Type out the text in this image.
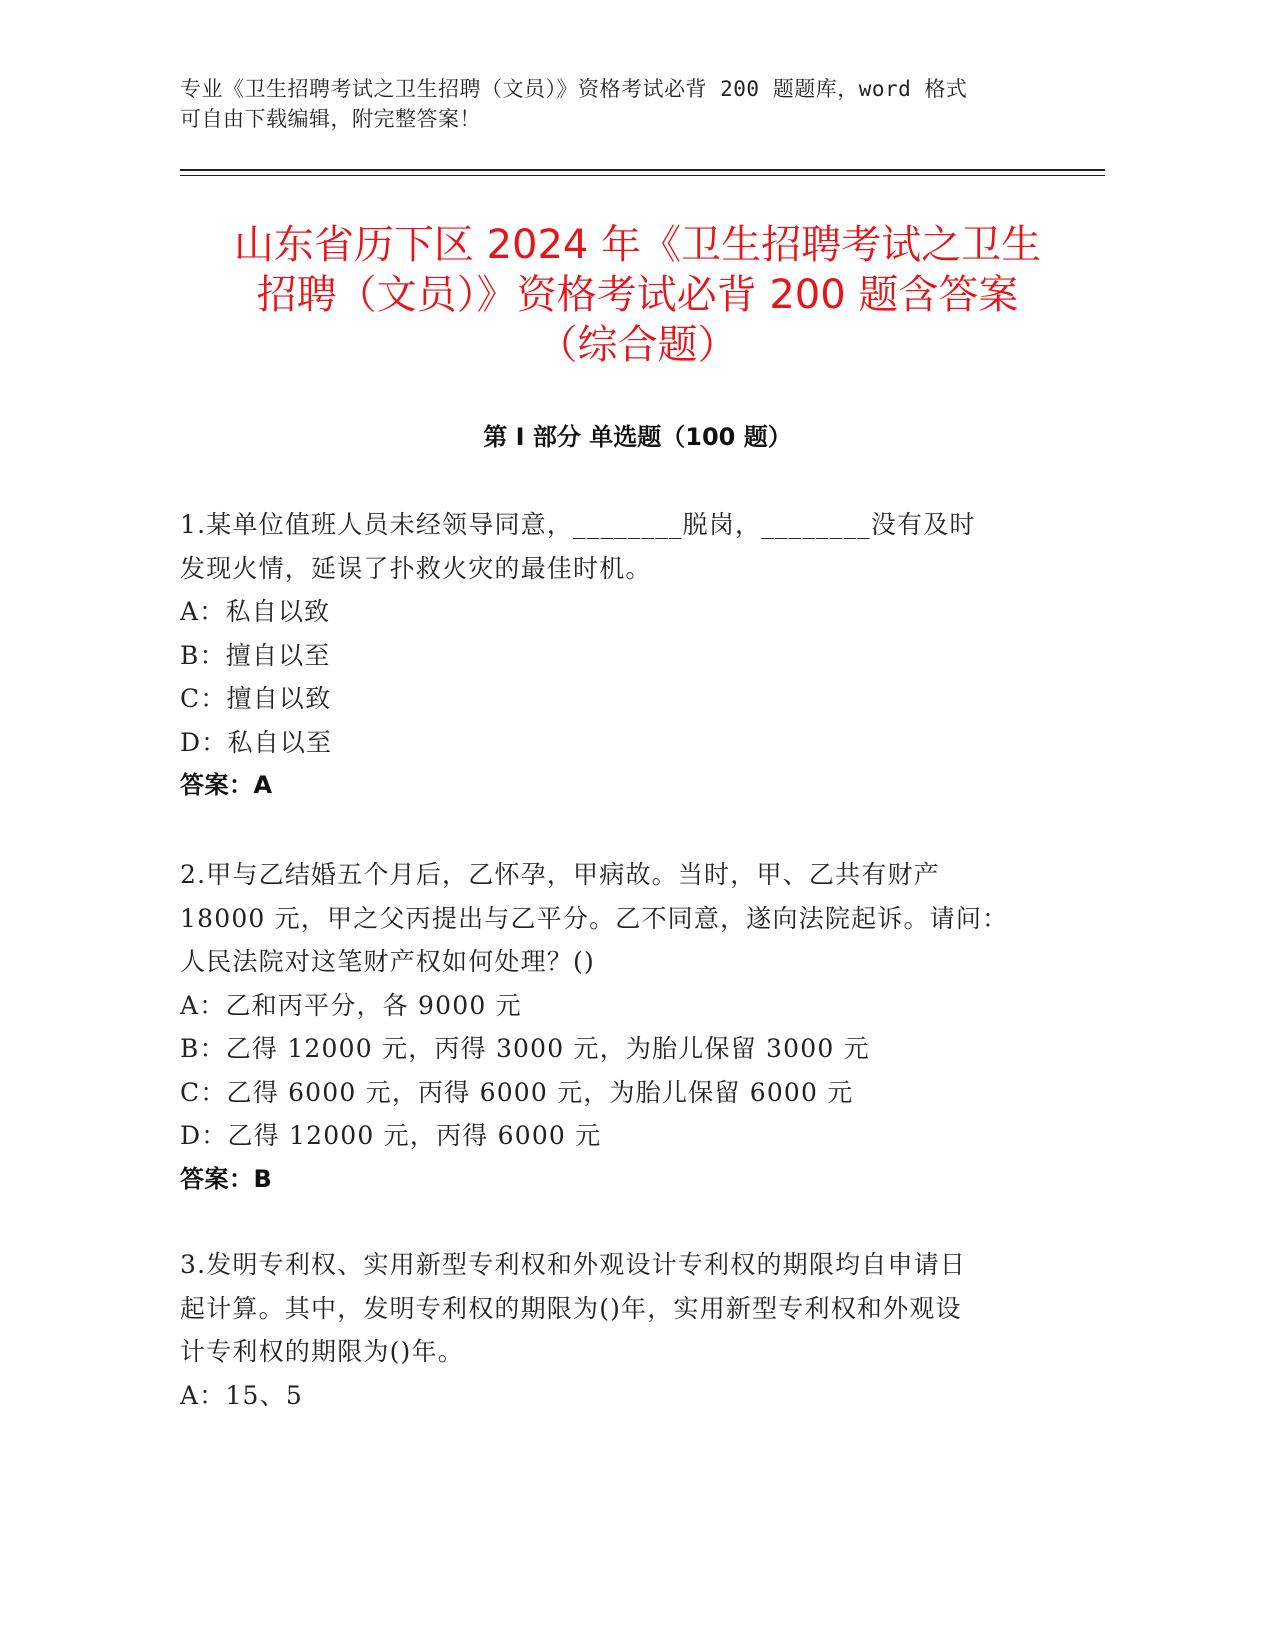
专业《卫生招聘考试之卫生招聘（文员）》资格考试必背 200 题题库，word 格式
可自由下载编辑，附完整答案！
山东省历下区 2024 年《卫生招聘考试之卫生
招聘（文员）》资格考试必背 200 题含答案
（综合题）
第 I 部分 单选题（100 题）
1.某单位值班人员未经领导同意，________脱岗，________没有及时
发现火情，延误了扑救火灾的最佳时机。
A：私自以致
B：擅自以至
C：擅自以致
D：私自以至
答案：A
2.甲与乙结婚五个月后，乙怀孕，甲病故。当时，甲、乙共有财产
18000 元，甲之父丙提出与乙平分。乙不同意，遂向法院起诉。请问：
人民法院对这笔财产权如何处理？()
A：乙和丙平分，各 9000 元
B：乙得 12000 元，丙得 3000 元，为胎儿保留 3000 元
C：乙得 6000 元，丙得 6000 元，为胎儿保留 6000 元
D：乙得 12000 元，丙得 6000 元
答案：B
3.发明专利权、实用新型专利权和外观设计专利权的期限均自申请日
起计算。其中，发明专利权的期限为()年，实用新型专利权和外观设
计专利权的期限为()年。
A：15、5
